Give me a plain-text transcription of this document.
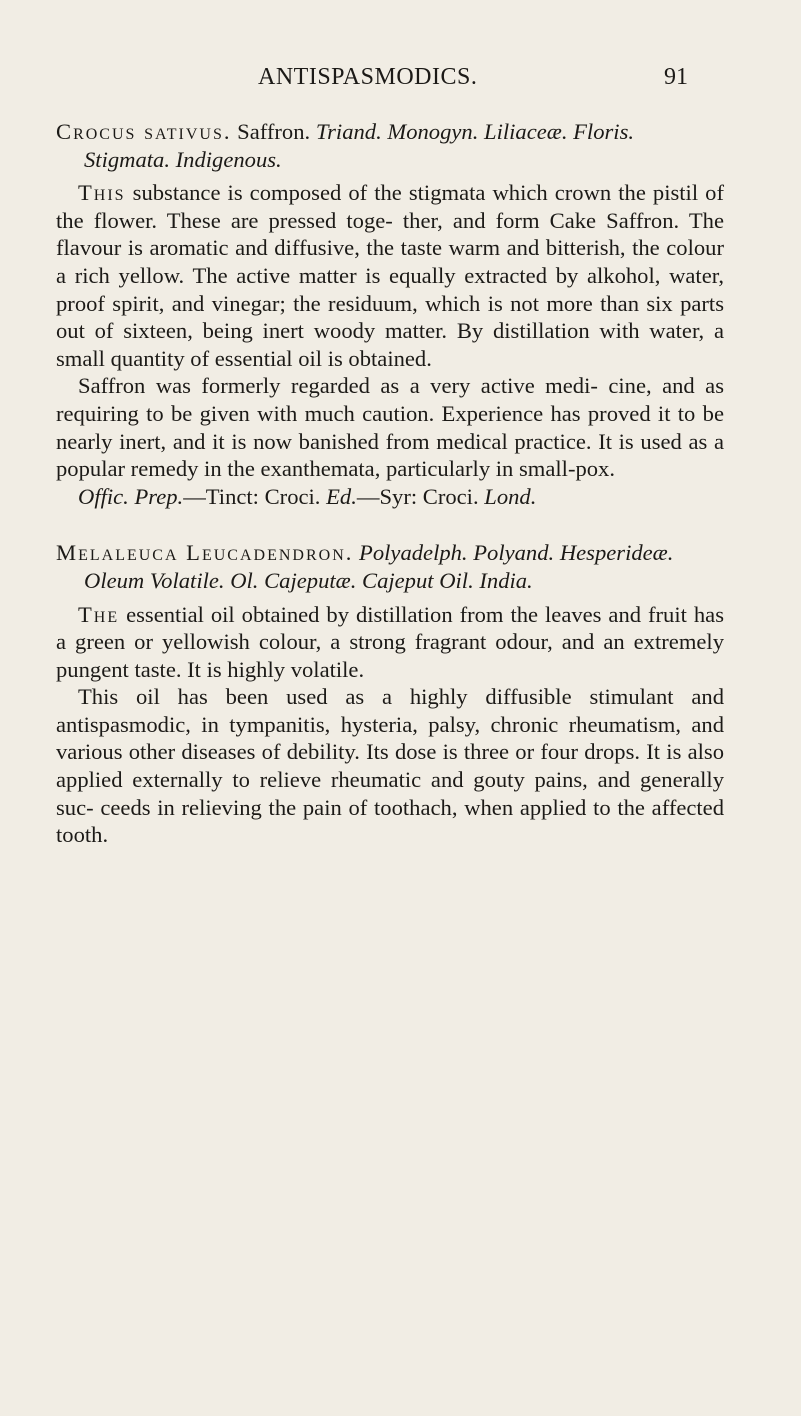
ANTISPASMODICS.	91

Crocus sativus. Saffron. Triand. Monogyn. Liliaceæ. Floris. Stigmata. Indigenous.

This substance is composed of the stigmata which crown the pistil of the flower. These are pressed toge- ther, and form Cake Saffron. The flavour is aromatic and diffusive, the taste warm and bitterish, the colour a rich yellow. The active matter is equally extracted by alkohol, water, proof spirit, and vinegar; the residuum, which is not more than six parts out of sixteen, being inert woody matter. By distillation with water, a small quantity of essential oil is obtained.

Saffron was formerly regarded as a very active medi- cine, and as requiring to be given with much caution. Experience has proved it to be nearly inert, and it is now banished from medical practice. It is used as a popular remedy in the exanthemata, particularly in small-pox.

Offic. Prep.—Tinct: Croci. Ed.—Syr: Croci. Lond.

Melaleuca Leucadendron. Polyadelph. Polyand. Hesperideæ. Oleum Volatile. Ol. Cajeputæ. Cajeput Oil. India.

The essential oil obtained by distillation from the leaves and fruit has a green or yellowish colour, a strong fragrant odour, and an extremely pungent taste. It is highly volatile.

This oil has been used as a highly diffusible stimulant and antispasmodic, in tympanitis, hysteria, palsy, chronic rheumatism, and various other diseases of debility. Its dose is three or four drops. It is also applied externally to relieve rheumatic and gouty pains, and generally suc- ceeds in relieving the pain of toothach, when applied to the affected tooth.
